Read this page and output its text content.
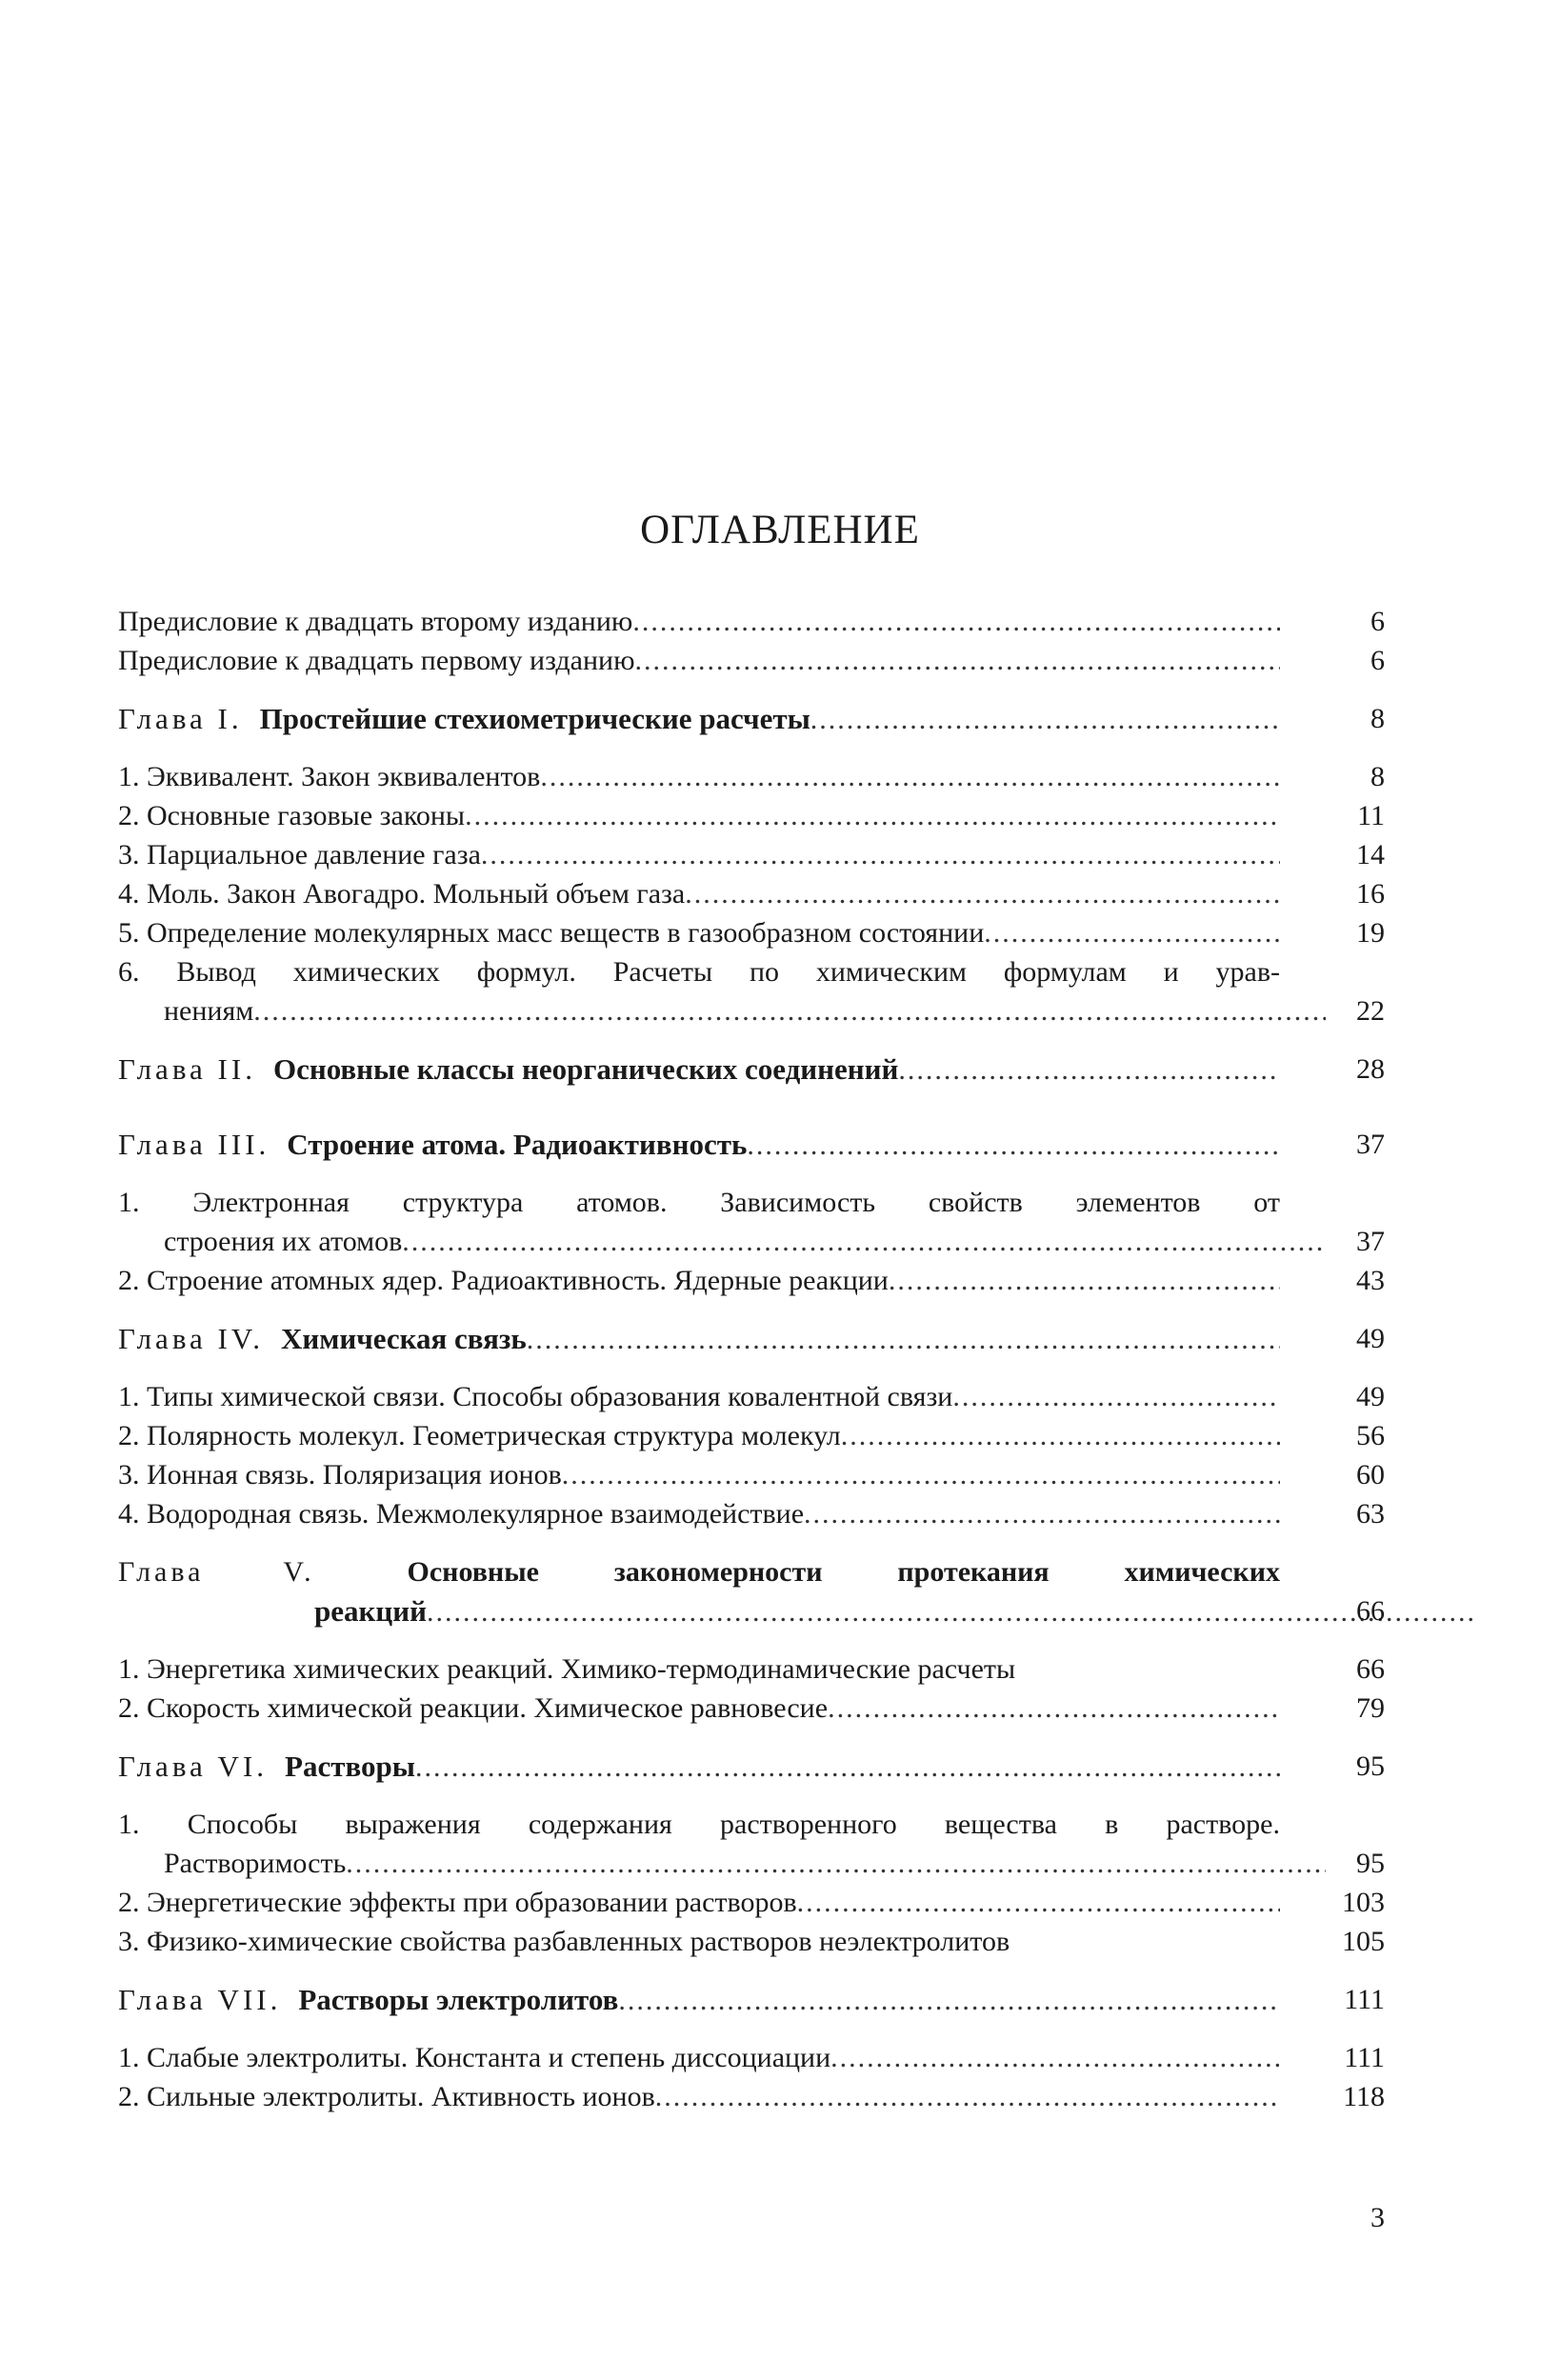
ОГЛАВЛЕНИЕ
Предисловие к двадцать второму изданию .....	6
Предисловие к двадцать первому изданию .....	6
Глава I. Простейшие стехиометрические расчеты .....	8
1. Эквивалент. Закон эквивалентов .....	8
2. Основные газовые законы .....	11
3. Парциальное давление газа .....	14
4. Моль. Закон Авогадро. Мольный объем газа .....	16
5. Определение молекулярных масс веществ в газообразном состоянии .....	19
6. Вывод химических формул. Расчеты по химическим формулам и урав-
нениям .....	22
Глава II. Основные классы неорганических соединений .....	28
Глава III. Строение атома. Радиоактивность .....	37
1. Электронная структура атомов. Зависимость свойств элементов от
строения их атомов .....	37
2. Строение атомных ядер. Радиоактивность. Ядерные реакции .....	43
Глава IV. Химическая связь .....	49
1. Типы химической связи. Способы образования ковалентной связи .....	49
2. Полярность молекул. Геометрическая структура молекул .....	56
3. Ионная связь. Поляризация ионов .....	60
4. Водородная связь. Межмолекулярное взаимодействие .....	63
Глава V.	Основные закономерности протекания химических
реакций .....	66
1. Энергетика химических реакций. Химико-термодинамические расчеты	66
2. Скорость химической реакции. Химическое равновесие .....	79
Глава VI. Растворы .....	95
1. Способы выражения содержания растворенного вещества в растворе.
Растворимость .....	95
2. Энергетические эффекты при образовании растворов .....	103
3. Физико-химические свойства разбавленных растворов неэлектролитов	105
Глава VII. Растворы электролитов .....	111
1. Слабые электролиты. Константа и степень диссоциации .....	111
2. Сильные электролиты. Активность ионов .....	118
3
